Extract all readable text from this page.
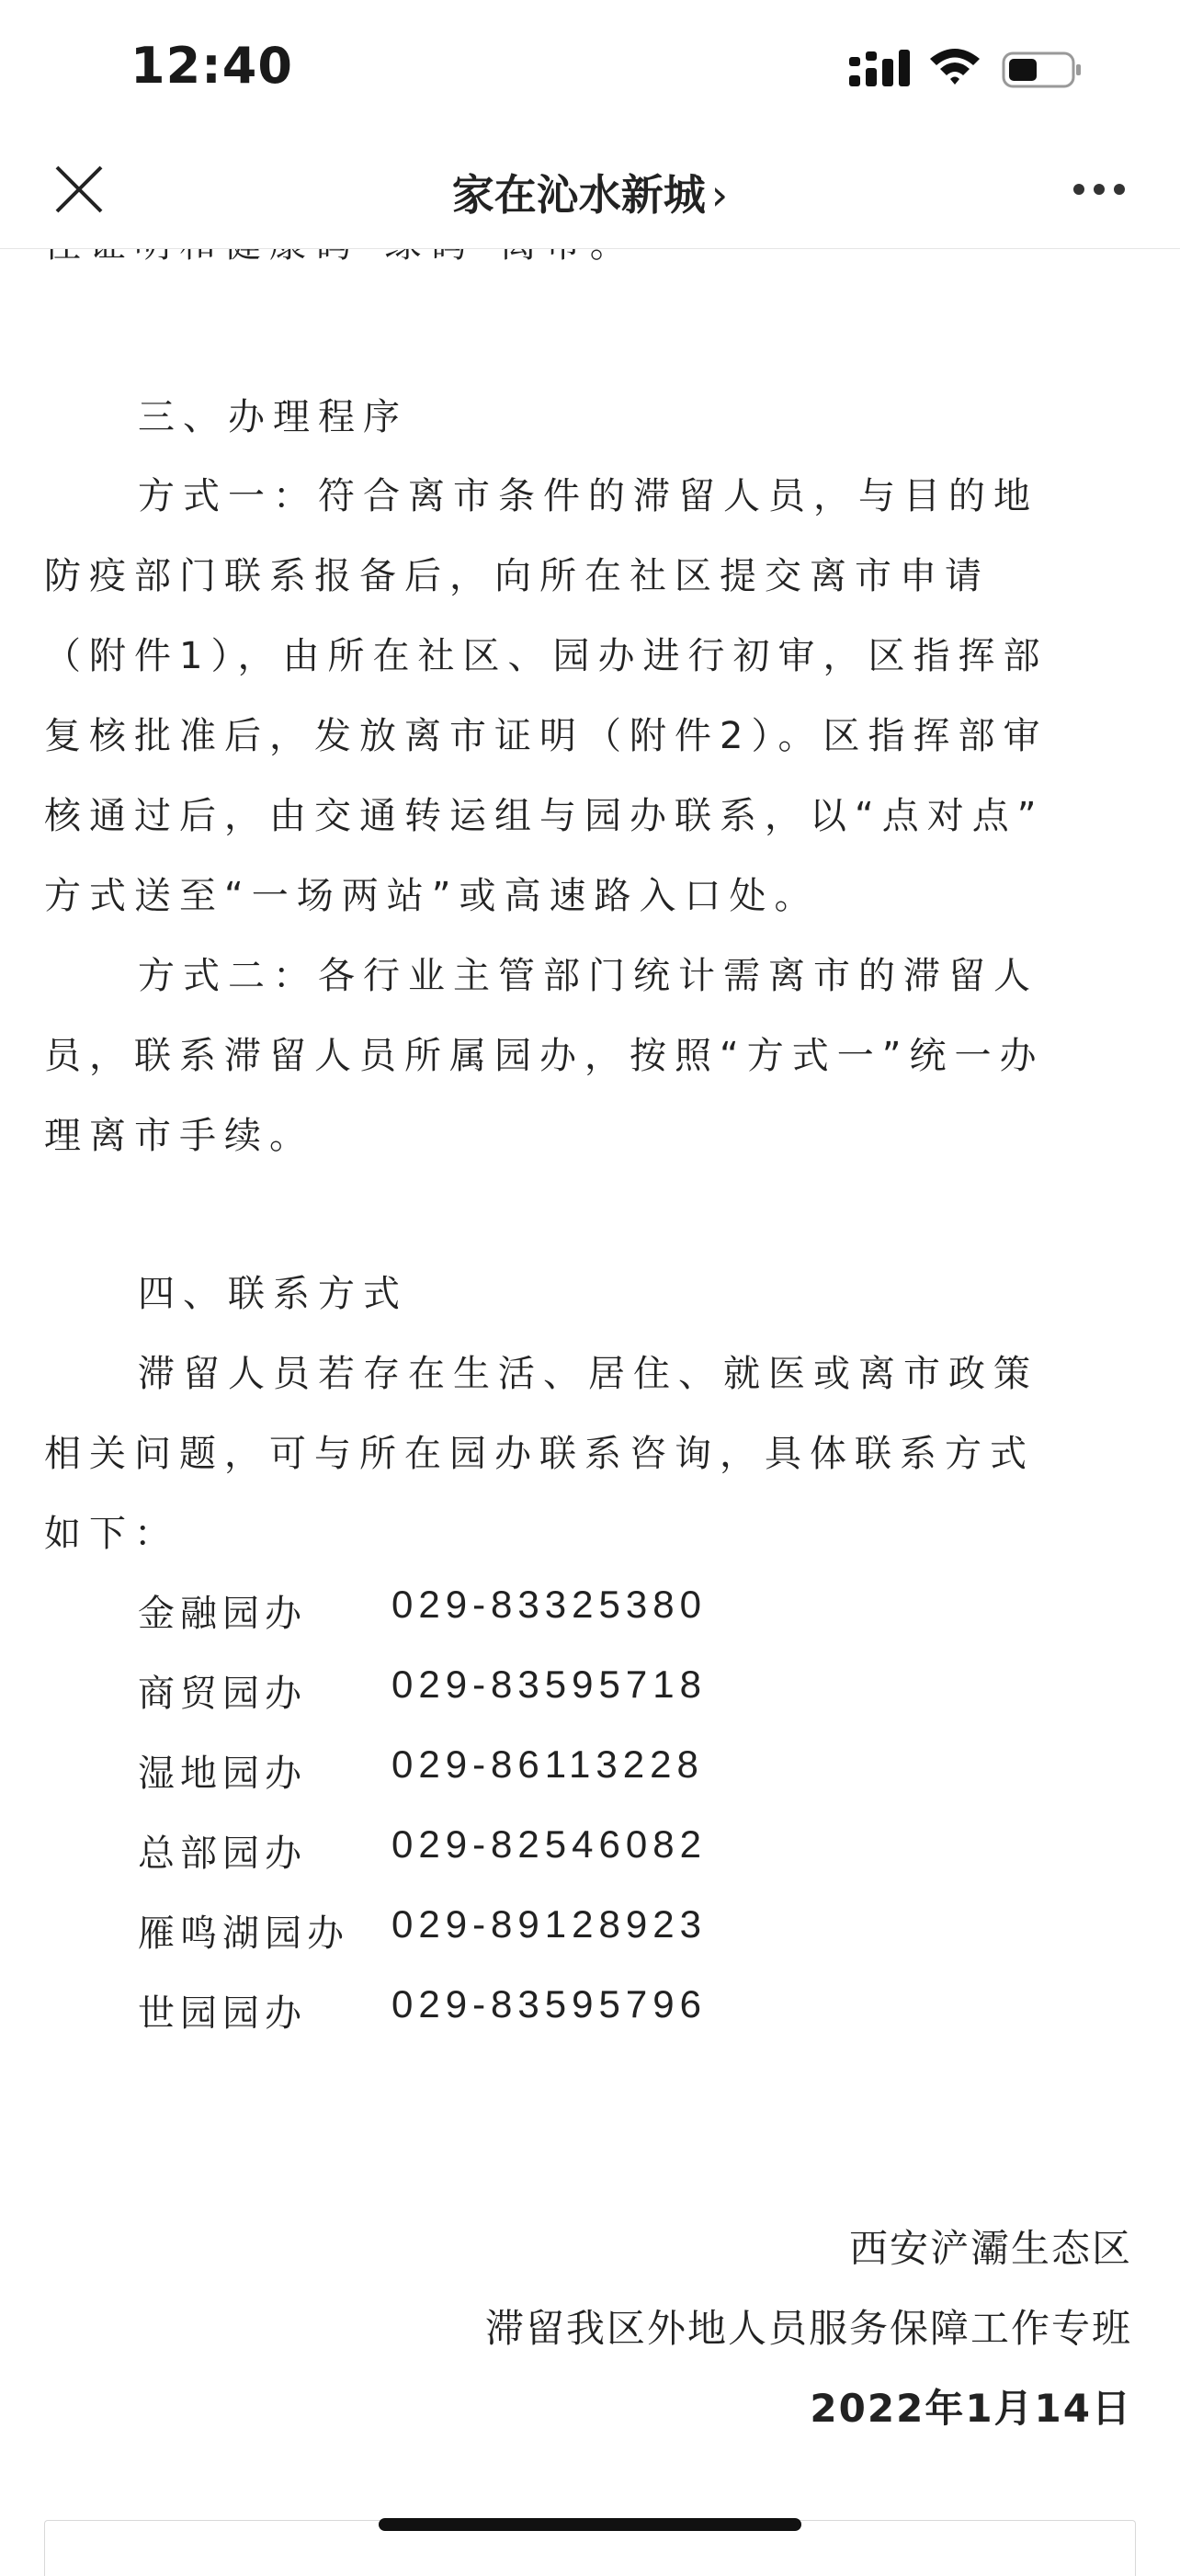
12:40
家在沁水新城 ›
三、办理程序
方式一：符合离市条件的滞留人员，与目的地
防疫部门联系报备后，向所在社区提交离市申请
（附件1），由所在社区、园办进行初审，区指挥部
复核批准后，发放离市证明（附件2）。区指挥部审
核通过后，由交通转运组与园办联系，以“点对点”
方式送至“一场两站”或高速路入口处。
方式二：各行业主管部门统计需离市的滞留人
员，联系滞留人员所属园办，按照“方式一”统一办
理离市手续。
四、联系方式
滞留人员若存在生活、居住、就医或离市政策
相关问题，可与所在园办联系咨询，具体联系方式
如下：
金融园办 029-83325380
商贸园办 029-83595718
湿地园办 029-86113228
总部园办 029-82546082
雁鸣湖园办 029-89128923
世园园办 029-83595796
西安浐灞生态区
滞留我区外地人员服务保障工作专班
2022年1月14日
